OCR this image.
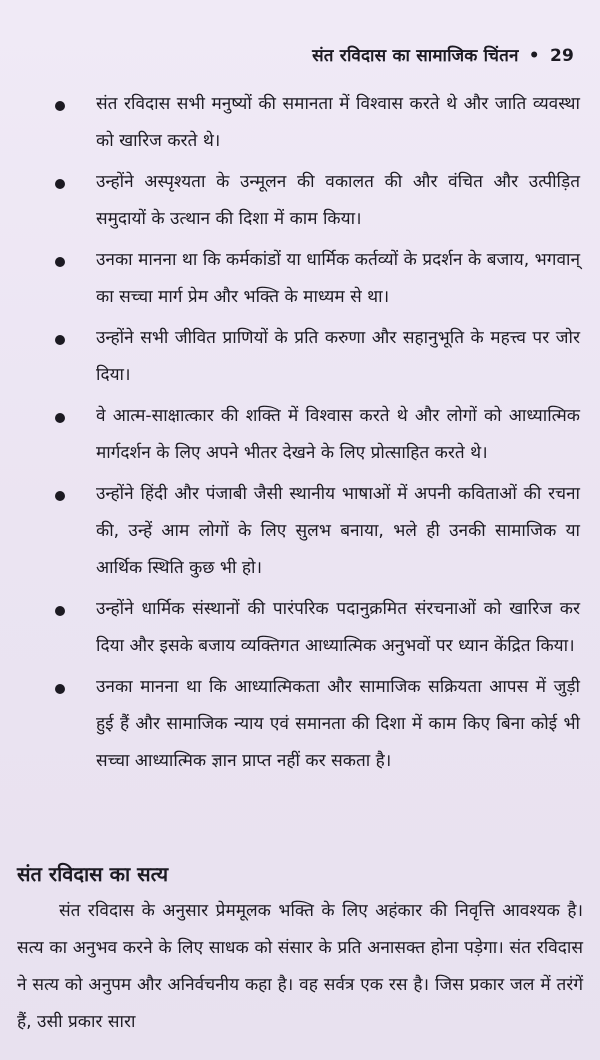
संत रविदास का सामाजिक चिंतन • 29
संत रविदास सभी मनुष्यों की समानता में विश्वास करते थे और जाति व्यवस्था को खारिज करते थे।
उन्होंने अस्पृश्यता के उन्मूलन की वकालत की और वंचित और उत्पीड़ित समुदायों के उत्थान की दिशा में काम किया।
उनका मानना था कि कर्मकांडों या धार्मिक कर्तव्यों के प्रदर्शन के बजाय, भगवान् का सच्चा मार्ग प्रेम और भक्ति के माध्यम से था।
उन्होंने सभी जीवित प्राणियों के प्रति करुणा और सहानुभूति के महत्त्व पर जोर दिया।
वे आत्म-साक्षात्कार की शक्ति में विश्वास करते थे और लोगों को आध्यात्मिक मार्गदर्शन के लिए अपने भीतर देखने के लिए प्रोत्साहित करते थे।
उन्होंने हिंदी और पंजाबी जैसी स्थानीय भाषाओं में अपनी कविताओं की रचना की, उन्हें आम लोगों के लिए सुलभ बनाया, भले ही उनकी सामाजिक या आर्थिक स्थिति कुछ भी हो।
उन्होंने धार्मिक संस्थानों की पारंपरिक पदानुक्रमित संरचनाओं को खारिज कर दिया और इसके बजाय व्यक्तिगत आध्यात्मिक अनुभवों पर ध्यान केंद्रित किया।
उनका मानना था कि आध्यात्मिकता और सामाजिक सक्रियता आपस में जुड़ी हुई हैं और सामाजिक न्याय एवं समानता की दिशा में काम किए बिना कोई भी सच्चा आध्यात्मिक ज्ञान प्राप्त नहीं कर सकता है।
संत रविदास का सत्य

संत रविदास के अनुसार प्रेममूलक भक्ति के लिए अहंकार की निवृत्ति आवश्यक है। सत्य का अनुभव करने के लिए साधक को संसार के प्रति अनासक्त होना पड़ेगा। संत रविदास ने सत्य को अनुपम और अनिर्वचनीय कहा है। वह सर्वत्र एक रस है। जिस प्रकार जल में तरंगें हैं, उसी प्रकार सारा
